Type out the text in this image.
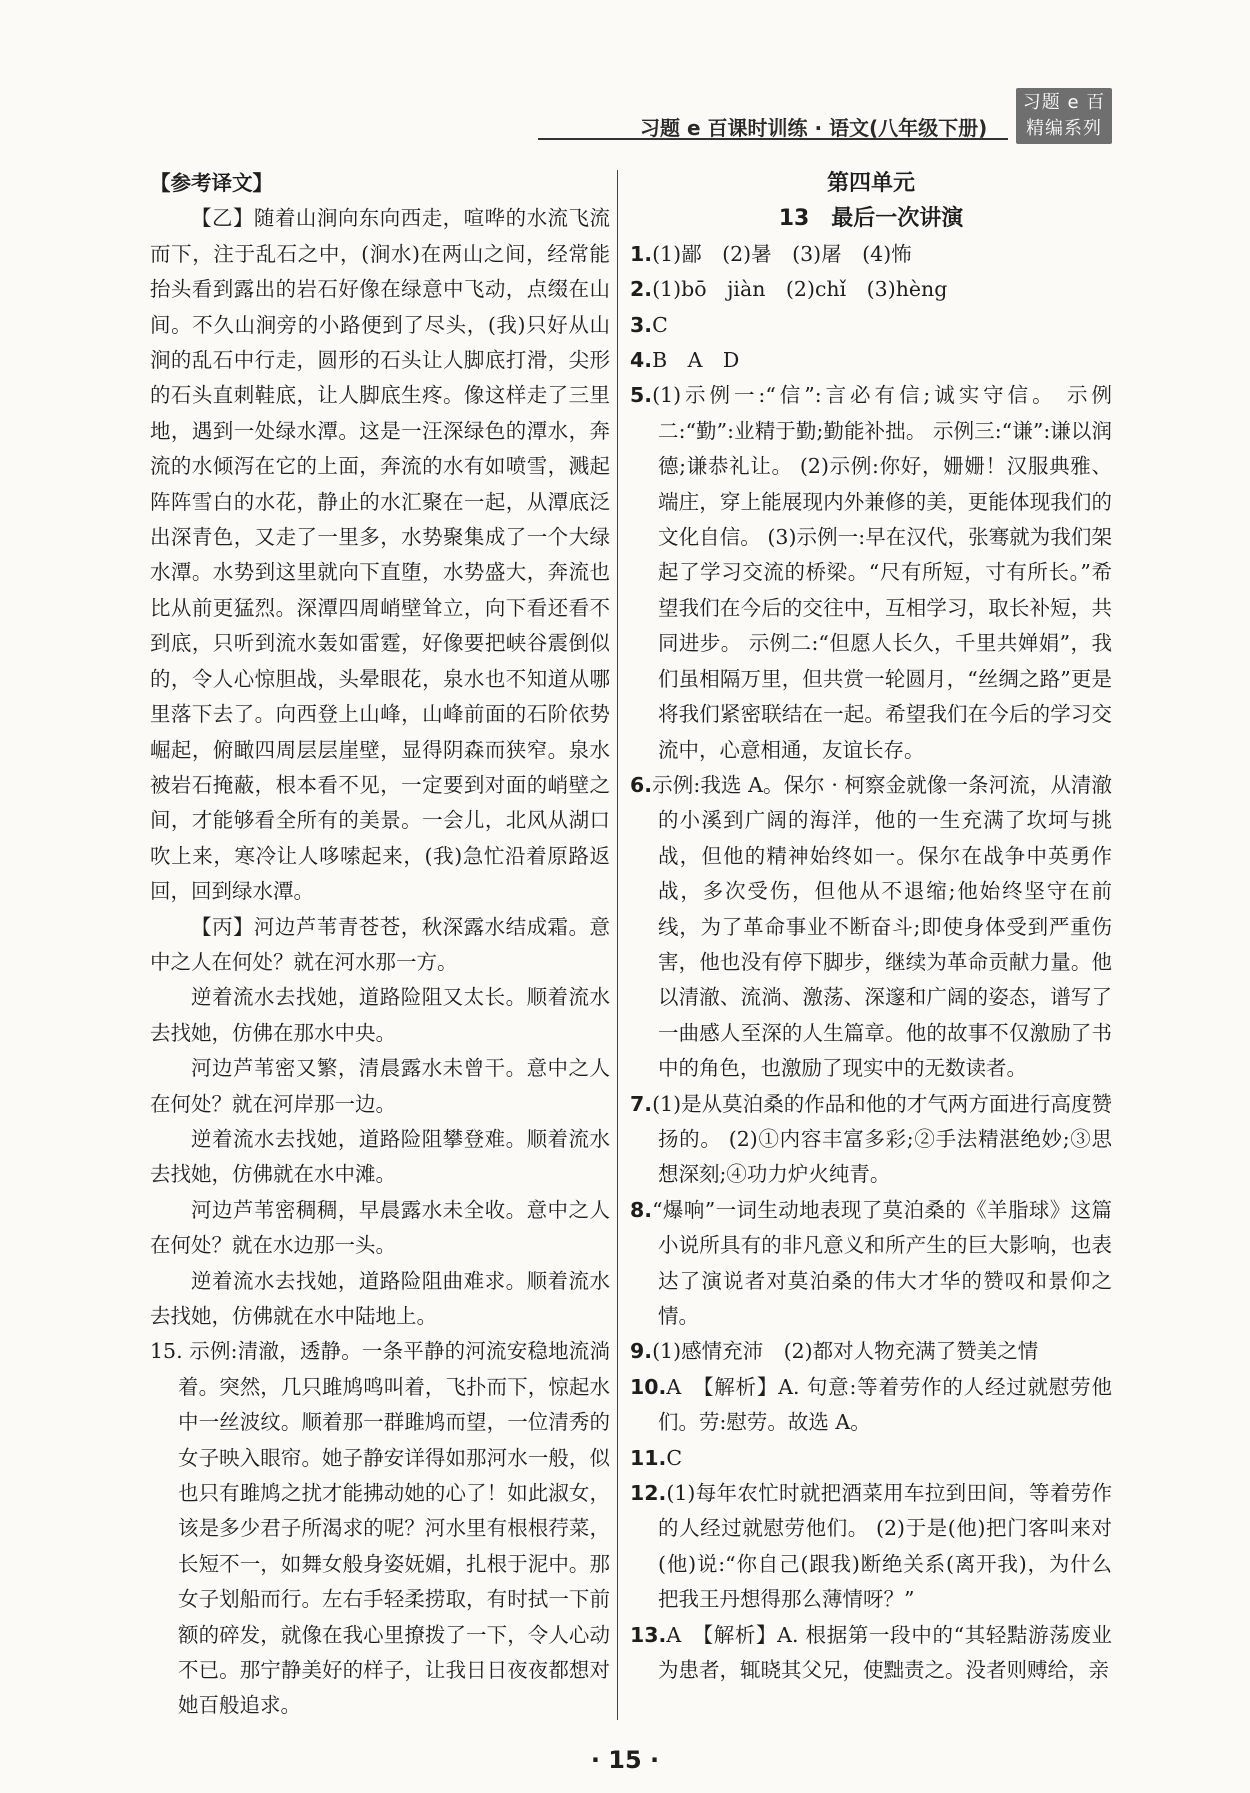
习题 e 百课时训练 · 语文(八年级下册)
习题 e 百
精编系列

【参考译文】

【乙】随着山涧向东向西走，喧哗的水流飞流而下，注于乱石之中，(涧水)在两山之间，经常能抬头看到露出的岩石好像在绿意中飞动，点缀在山间。不久山涧旁的小路便到了尽头，(我)只好从山涧的乱石中行走，圆形的石头让人脚底打滑，尖形的石头直刺鞋底，让人脚底生疼。像这样走了三里地，遇到一处绿水潭。这是一汪深绿色的潭水，奔流的水倾泻在它的上面，奔流的水有如喷雪，溅起阵阵雪白的水花，静止的水汇聚在一起，从潭底泛出深青色，又走了一里多，水势聚集成了一个大绿水潭。水势到这里就向下直堕，水势盛大，奔流也比从前更猛烈。深潭四周峭壁耸立，向下看还看不到底，只听到流水轰如雷霆，好像要把峡谷震倒似的，令人心惊胆战，头晕眼花，泉水也不知道从哪里落下去了。向西登上山峰，山峰前面的石阶依势崛起，俯瞰四周层层崖壁，显得阴森而狭窄。泉水被岩石掩蔽，根本看不见，一定要到对面的峭壁之间，才能够看全所有的美景。一会儿，北风从湖口吹上来，寒冷让人哆嗦起来，(我)急忙沿着原路返回，回到绿水潭。

【丙】河边芦苇青苍苍，秋深露水结成霜。意中之人在何处？就在河水那一方。

逆着流水去找她，道路险阻又太长。顺着流水去找她，仿佛在那水中央。

河边芦苇密又繁，清晨露水未曾干。意中之人在何处？就在河岸那一边。

逆着流水去找她，道路险阻攀登难。顺着流水去找她，仿佛就在水中滩。

河边芦苇密稠稠，早晨露水未全收。意中之人在何处？就在水边那一头。

逆着流水去找她，道路险阻曲难求。顺着流水去找她，仿佛就在水中陆地上。

15. 示例:清澈，透静。一条平静的河流安稳地流淌着。突然，几只雎鸠鸣叫着，飞扑而下，惊起水中一丝波纹。顺着那一群雎鸠而望，一位清秀的女子映入眼帘。她子静安详得如那河水一般，似也只有雎鸠之扰才能拂动她的心了！如此淑女，该是多少君子所渴求的呢？河水里有根根荇菜，长短不一，如舞女般身姿妩媚，扎根于泥中。那女子划船而行。左右手轻柔捞取，有时拭一下前额的碎发，就像在我心里撩拨了一下，令人心动不已。那宁静美好的样子，让我日日夜夜都想对她百般追求。

第四单元

13　最后一次讲演

1.(1)鄙　(2)暑　(3)屠　(4)怖

2.(1)bō　jiàn　(2)chǐ　(3)hèng

3.C

4.B　A　D

5.(1)示例一:“信”:言必有信;诚实守信。 示例二:“勤”:业精于勤;勤能补拙。 示例三:“谦”:谦以润德;谦恭礼让。 (2)示例:你好，姗姗！汉服典雅、端庄，穿上能展现内外兼修的美，更能体现我们的文化自信。 (3)示例一:早在汉代，张骞就为我们架起了学习交流的桥梁。“尺有所短，寸有所长。”希望我们在今后的交往中，互相学习，取长补短，共同进步。 示例二:“但愿人长久，千里共婵娟”，我们虽相隔万里，但共赏一轮圆月，“丝绸之路”更是将我们紧密联结在一起。希望我们在今后的学习交流中，心意相通，友谊长存。

6.示例:我选 A。保尔 · 柯察金就像一条河流，从清澈的小溪到广阔的海洋，他的一生充满了坎坷与挑战，但他的精神始终如一。保尔在战争中英勇作战，多次受伤，但他从不退缩;他始终坚守在前线，为了革命事业不断奋斗;即使身体受到严重伤害，他也没有停下脚步，继续为革命贡献力量。他以清澈、流淌、激荡、深邃和广阔的姿态，谱写了一曲感人至深的人生篇章。他的故事不仅激励了书中的角色，也激励了现实中的无数读者。

7.(1)是从莫泊桑的作品和他的才气两方面进行高度赞扬的。 (2)①内容丰富多彩;②手法精湛绝妙;③思想深刻;④功力炉火纯青。

8.“爆响”一词生动地表现了莫泊桑的《羊脂球》这篇小说所具有的非凡意义和所产生的巨大影响，也表达了演说者对莫泊桑的伟大才华的赞叹和景仰之情。

9.(1)感情充沛　(2)都对人物充满了赞美之情

10.A　【解析】A. 句意:等着劳作的人经过就慰劳他们。劳:慰劳。故选 A。

11.C

12.(1)每年农忙时就把酒菜用车拉到田间，等着劳作的人经过就慰劳他们。 (2)于是(他)把门客叫来对(他)说:“你自己(跟我)断绝关系(离开我)，为什么把我王丹想得那么薄情呀？”

13.A　【解析】A. 根据第一段中的“其轻黠游荡废业为患者，辄晓其父兄，使黜责之。没者则赙给，亲

· 15 ·
